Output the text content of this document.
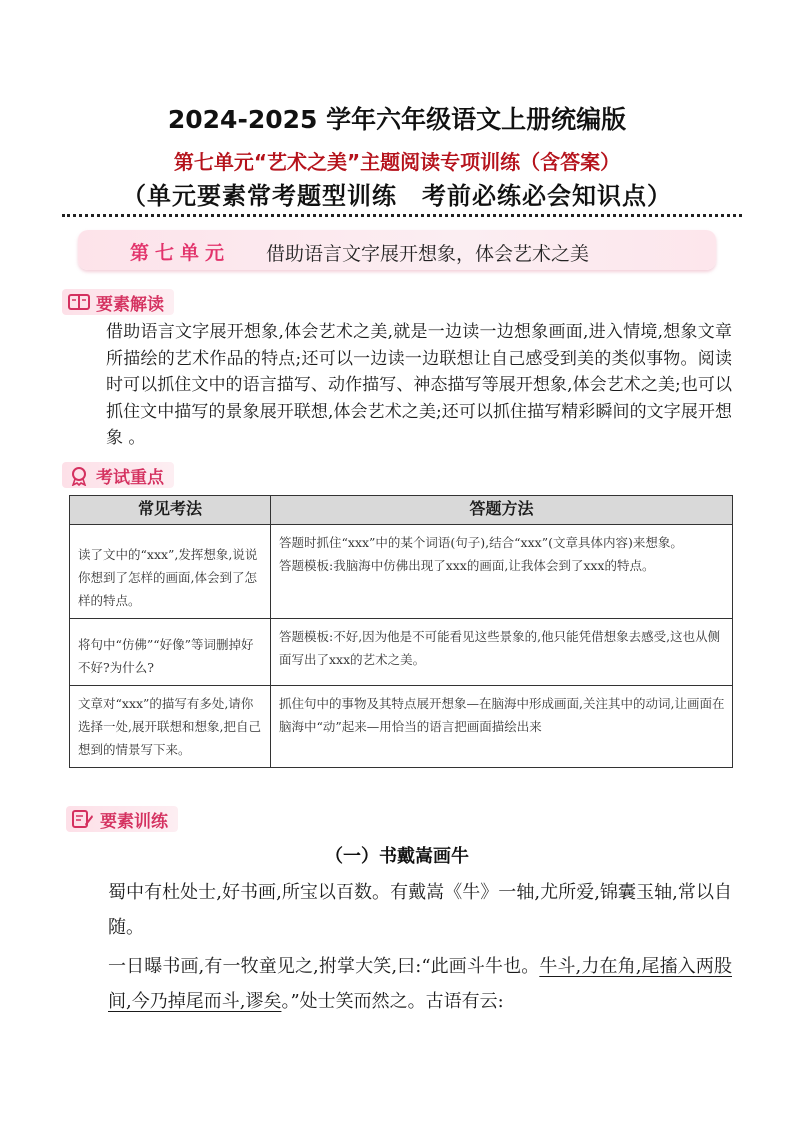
2024-2025 学年六年级语文上册统编版
第七单元“艺术之美”主题阅读专项训练（含答案）
（单元要素常考题型训练　考前必练必会知识点）
第七单元 借助语言文字展开想象，体会艺术之美
要素解读
借助语言文字展开想象,体会艺术之美,就是一边读一边想象画面,进入情境,想象文章所描绘的艺术作品的特点;还可以一边读一边联想让自己感受到美的类似事物。阅读时可以抓住文中的语言描写、动作描写、神态描写等展开想象,体会艺术之美;也可以抓住文中描写的景象展开联想,体会艺术之美;还可以抓住描写精彩瞬间的文字展开想象 。
考试重点
常见考法	答题方法
读了文中的“xxx”,发挥想象,说说你想到了怎样的画面,体会到了怎样的特点。	答题时抓住“xxx”中的某个词语(句子),结合“xxx”(文章具体内容)来想象。
答题模板:我脑海中仿佛出现了xxx的画面,让我体会到了xxx的特点。

将句中“仿佛”“好像”等词删掉好不好?为什么?	答题模板:不好,因为他是不可能看见这些景象的,他只能凭借想象去感受,这也从侧面写出了xxx的艺术之美。

文章对“xxx”的描写有多处,请你选择一处,展开联想和想象,把自己想到的情景写下来。	抓住句中的事物及其特点展开想象—在脑海中形成画面,关注其中的动词,让画面在脑海中“动”起来—用恰当的语言把画面描绘出来
要素训练
（一）书戴嵩画牛
蜀中有杜处士,好书画,所宝以百数。有戴嵩《牛》一轴,尤所爱,锦囊玉轴,常以自随。
一日曝书画,有一牧童见之,拊掌大笑,曰:“此画斗牛也。牛斗,力在角,尾搐入两股间,今乃掉尾而斗,谬矣。”处士笑而然之。古语有云:
